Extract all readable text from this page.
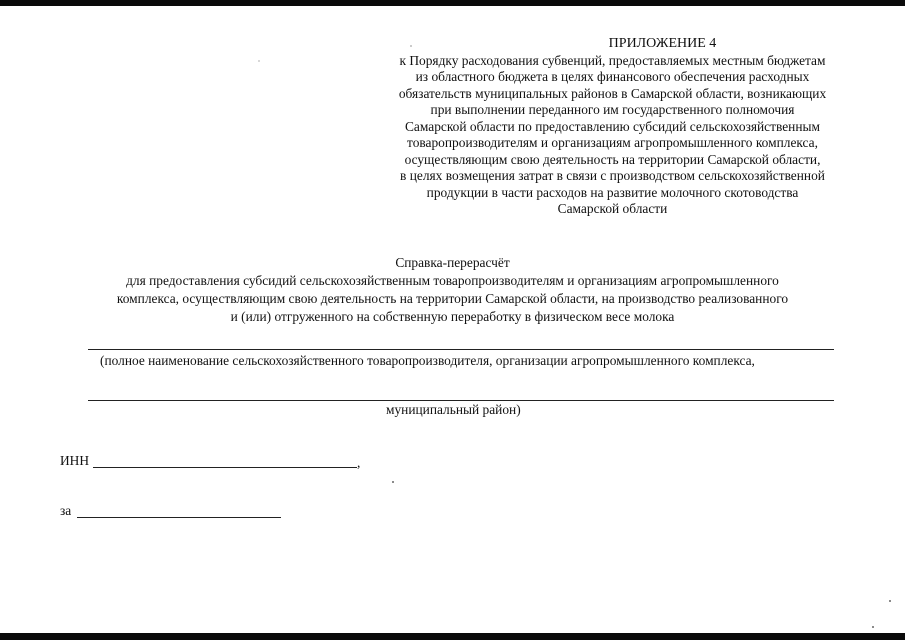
ПРИЛОЖЕНИЕ 4
к Порядку расходования субвенций, предоставляемых местным бюджетам
из областного бюджета в целях финансового обеспечения расходных
обязательств муниципальных районов в Самарской области, возникающих
при выполнении переданного им государственного полномочия
Самарской области по предоставлению субсидий сельскохозяйственным
товаропроизводителям и организациям агропромышленного комплекса,
осуществляющим свою деятельность на территории Самарской области,
в целях возмещения затрат в связи с производством сельскохозяйственной
продукции в части расходов на развитие молочного скотоводства
Самарской области
Справка-перерасчёт
для предоставления субсидий сельскохозяйственным товаропроизводителям и организациям агропромышленного
комплекса, осуществляющим свою деятельность на территории Самарской области, на производство реализованного
и (или) отгруженного на собственную переработку в физическом весе молока
(полное наименование сельскохозяйственного товаропроизводителя, организации агропромышленного комплекса,
муниципальный район)
ИНН	,
за
